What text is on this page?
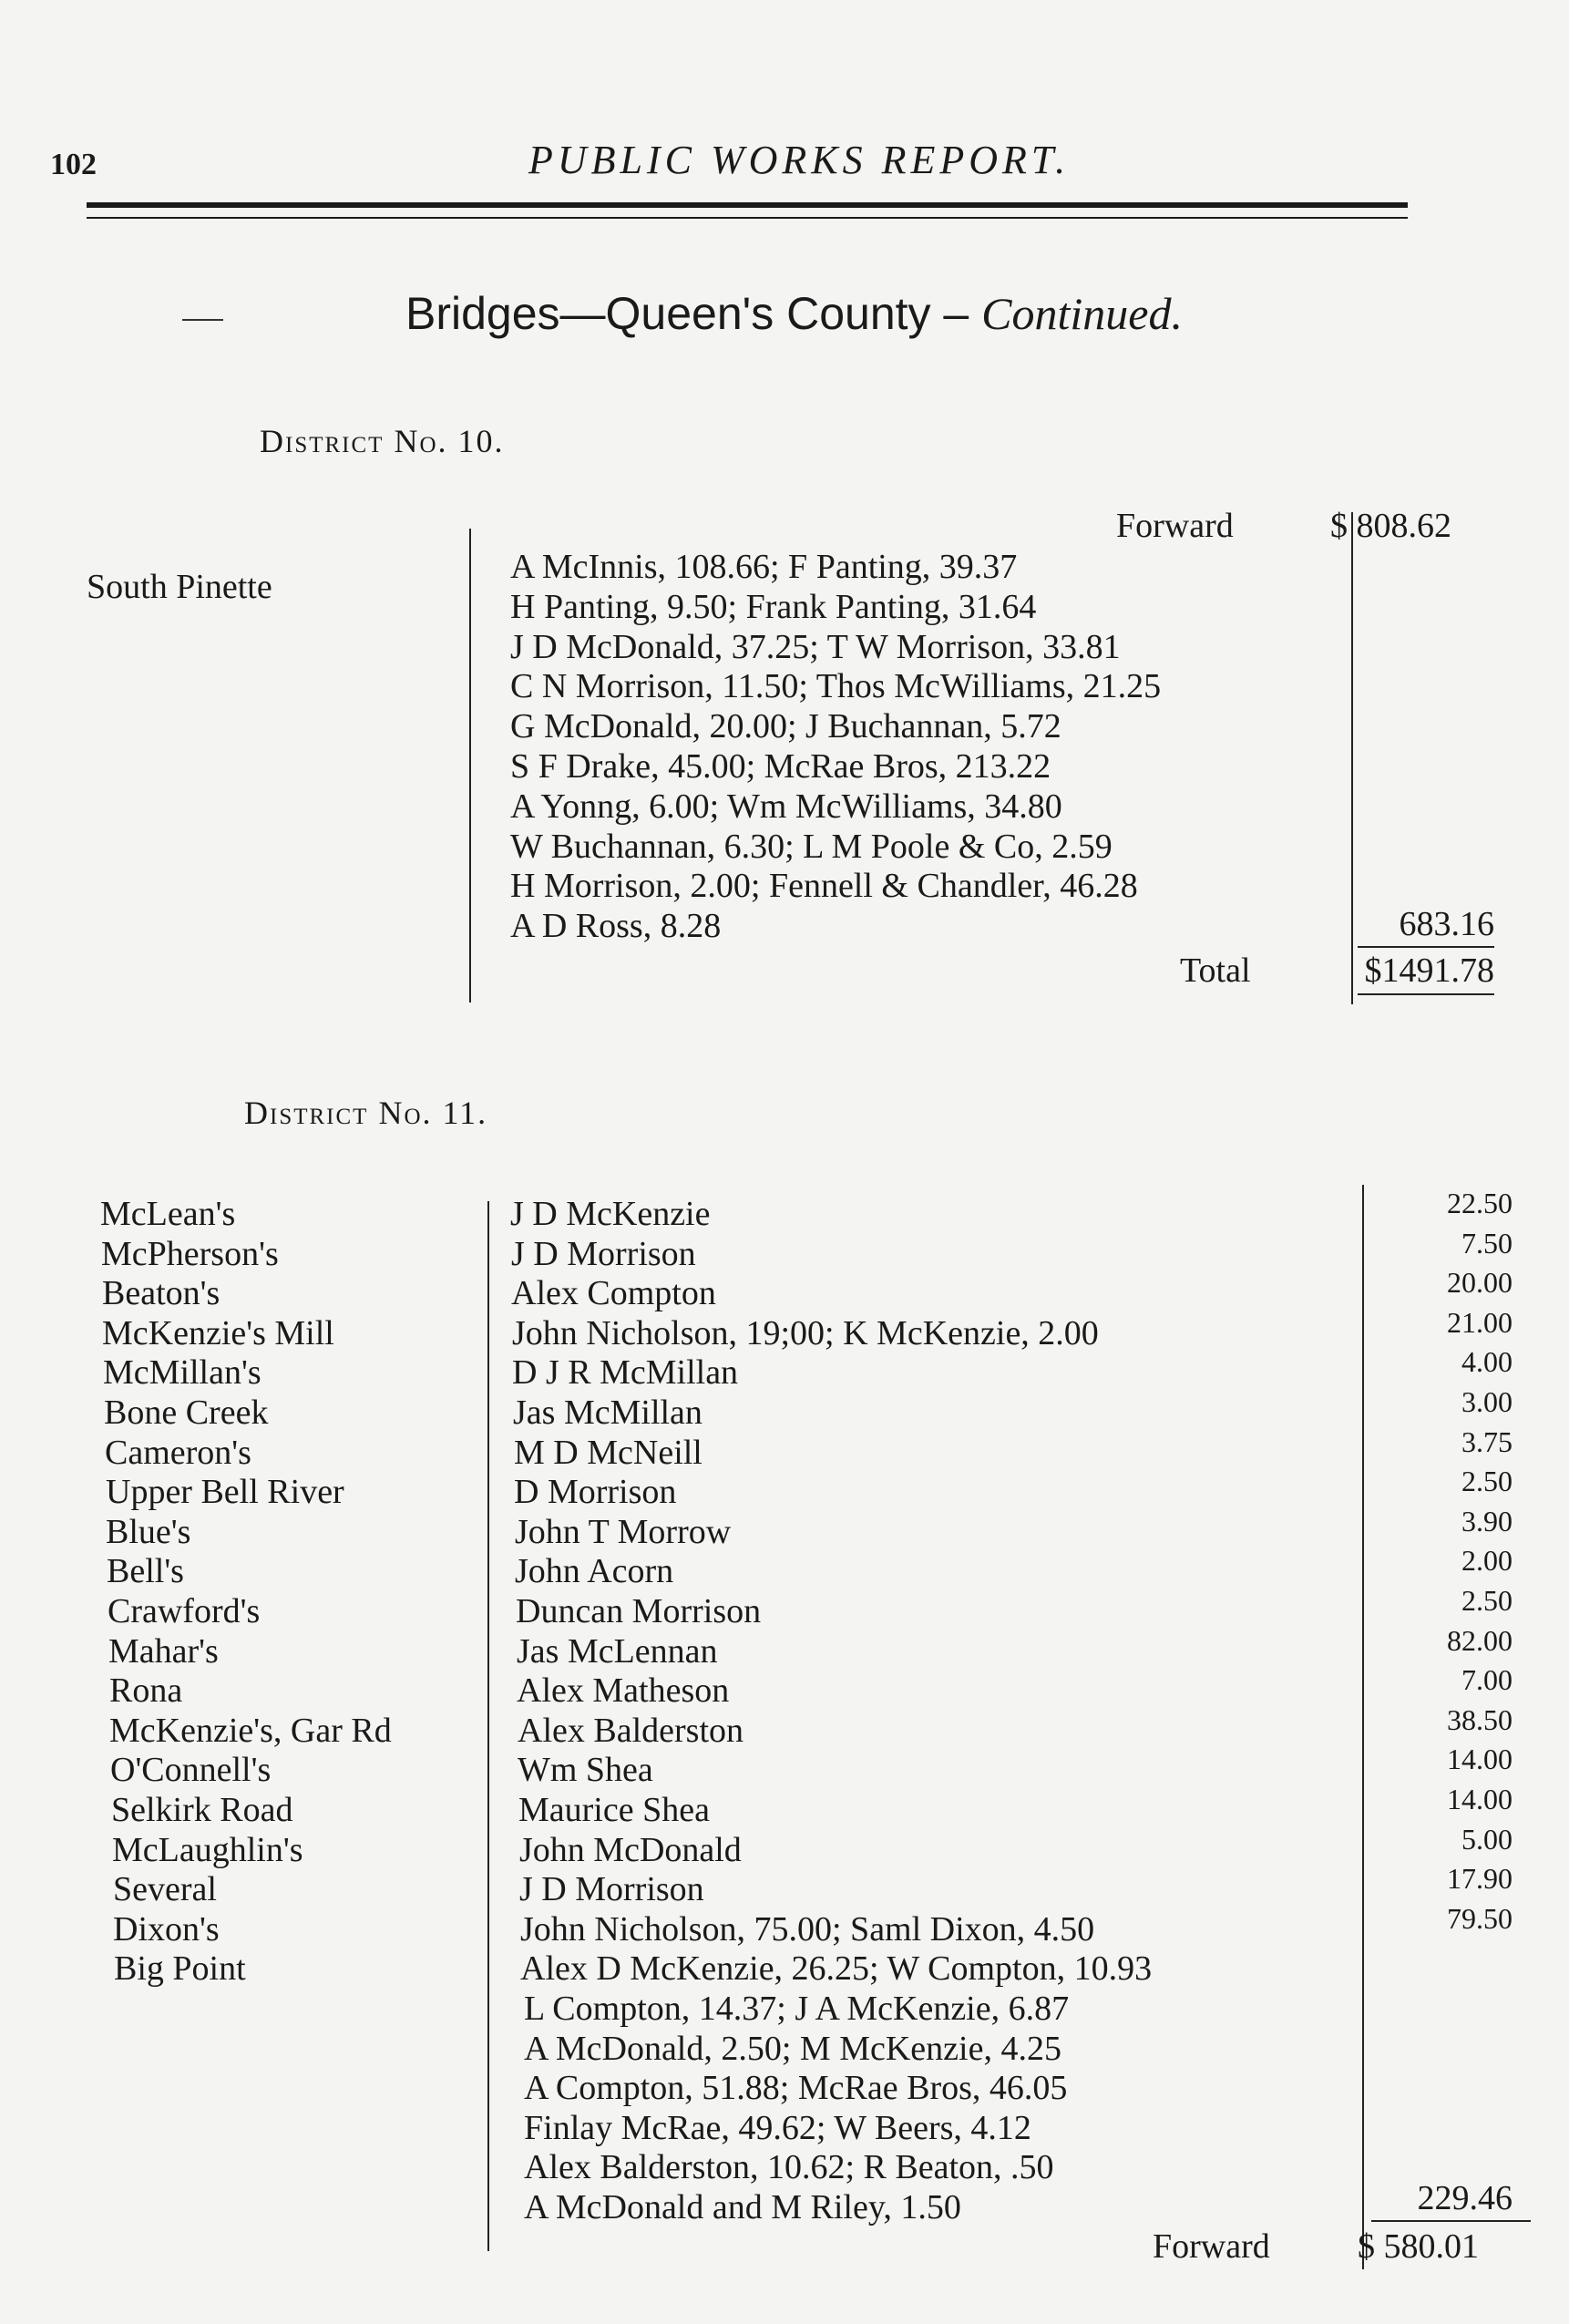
102	PUBLIC WORKS REPORT.
Bridges—Queen's County – Continued.
District No. 10.
South Pinette
Forward	$ 808.62
A McInnis, 108.66; F Panting, 39.37
H Panting, 9.50; Frank Panting, 31.64
J D McDonald, 37.25; T W Morrison, 33.81
C N Morrison, 11.50; Thos McWilliams, 21.25
G McDonald, 20.00; J Buchannan, 5.72
S F Drake, 45.00; McRae Bros, 213.22
A Yonng, 6.00; Wm McWilliams, 34.80
W Buchannan, 6.30; L M Poole & Co, 2.59
H Morrison, 2.00; Fennell & Chandler, 46.28
A D Ross, 8.28	683.16
Total	$1491.78
District No. 11.
McLean's	J D McKenzie	22.50
McPherson's	J D Morrison	7.50
Beaton's	Alex Compton	20.00
McKenzie's Mill	John Nicholson, 19;00; K McKenzie, 2.00	21.00
McMillan's	D J R McMillan	4.00
Bone Creek	Jas McMillan	3.00
Cameron's	M D McNeill	3.75
Upper Bell River	D Morrison	2.50
Blue's	John T Morrow	3.90
Bell's	John Acorn	2.00
Crawford's	Duncan Morrison	2.50
Mahar's	Jas McLennan	82.00
Rona	Alex Matheson	7.00
McKenzie's, Gar Rd	Alex Balderston	38.50
O'Connell's	Wm Shea	14.00
Selkirk Road	Maurice Shea	14.00
McLaughlin's	John McDonald	5.00
Several	J D Morrison	17.90
Dixon's	John Nicholson, 75.00; Saml Dixon, 4.50	79.50
Big Point	Alex D McKenzie, 26.25; W Compton, 10.93
L Compton, 14.37; J A McKenzie, 6.87
A McDonald, 2.50; M McKenzie, 4.25
A Compton, 51.88; McRae Bros, 46.05
Finlay McRae, 49.62; W Beers, 4.12
Alex Balderston, 10.62; R Beaton, .50
A McDonald and M Riley, 1.50	229.46
Forward	$ 580.01
